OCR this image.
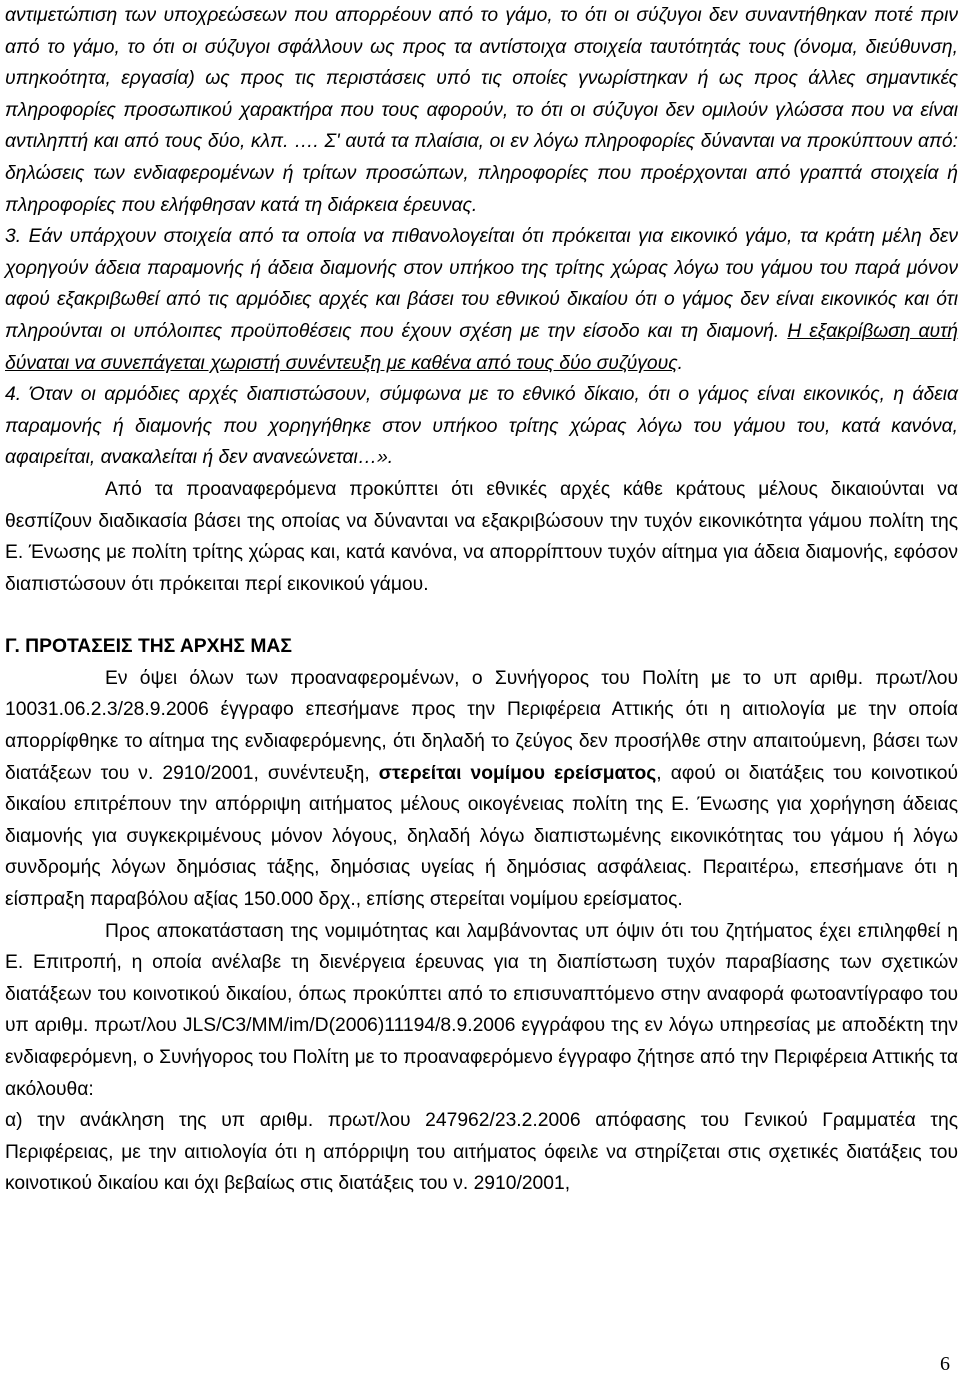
αντιμετώπιση των υποχρεώσεων που απορρέουν από το γάμο, το ότι οι σύζυγοι δεν συναντήθηκαν ποτέ πριν από το γάμο, το ότι οι σύζυγοι σφάλλουν ως προς τα αντίστοιχα στοιχεία ταυτότητάς τους (όνομα, διεύθυνση, υπηκοότητα, εργασία) ως προς τις περιστάσεις υπό τις οποίες γνωρίστηκαν ή ως προς άλλες σημαντικές πληροφορίες προσωπικού χαρακτήρα που τους αφορούν, το ότι οι σύζυγοι δεν ομιλούν γλώσσα που να είναι αντιληπτή και από τους δύο, κλπ. …. Σ' αυτά τα πλαίσια, οι εν λόγω πληροφορίες δύνανται να προκύπτουν από: δηλώσεις των ενδιαφερομένων ή τρίτων προσώπων, πληροφορίες που προέρχονται από γραπτά στοιχεία ή πληροφορίες που ελήφθησαν κατά τη διάρκεια έρευνας.

3. Εάν υπάρχουν στοιχεία από τα οποία να πιθανολογείται ότι πρόκειται για εικονικό γάμο, τα κράτη μέλη δεν χορηγούν άδεια παραμονής ή άδεια διαμονής στον υπήκοο της τρίτης χώρας λόγω του γάμου του παρά μόνον αφού εξακριβωθεί από τις αρμόδιες αρχές και βάσει του εθνικού δικαίου ότι ο γάμος δεν είναι εικονικός και ότι πληρούνται οι υπόλοιπες προϋποθέσεις που έχουν σχέση με την είσοδο και τη διαμονή. Η εξακρίβωση αυτή δύναται να συνεπάγεται χωριστή συνέντευξη με καθένα από τους δύο συζύγους.

4. Όταν οι αρμόδιες αρχές διαπιστώσουν, σύμφωνα με το εθνικό δίκαιο, ότι ο γάμος είναι εικονικός, η άδεια παραμονής ή διαμονής που χορηγήθηκε στον υπήκοο τρίτης χώρας λόγω του γάμου του, κατά κανόνα, αφαιρείται, ανακαλείται ή δεν ανανεώνεται…».

Από τα προαναφερόμενα προκύπτει ότι εθνικές αρχές κάθε κράτους μέλους δικαιούνται να θεσπίζουν διαδικασία βάσει της οποίας να δύνανται να εξακριβώσουν την τυχόν εικονικότητα γάμου πολίτη της Ε. Ένωσης με πολίτη τρίτης χώρας και, κατά κανόνα, να απορρίπτουν τυχόν αίτημα για άδεια διαμονής, εφόσον διαπιστώσουν ότι πρόκειται περί εικονικού γάμου.

Γ. ΠΡΟΤΑΣΕΙΣ ΤΗΣ ΑΡΧΗΣ ΜΑΣ

Εν όψει όλων των προαναφερομένων, ο Συνήγορος του Πολίτη με το υπ αριθμ. πρωτ/λου 10031.06.2.3/28.9.2006 έγγραφο επεσήμανε προς την Περιφέρεια Αττικής ότι η αιτιολογία με την οποία απορρίφθηκε το αίτημα της ενδιαφερόμενης, ότι δηλαδή το ζεύγος δεν προσήλθε στην απαιτούμενη, βάσει των διατάξεων του ν. 2910/2001, συνέντευξη, στερείται νομίμου ερείσματος, αφού οι διατάξεις του κοινοτικού δικαίου επιτρέπουν την απόρριψη αιτήματος μέλους οικογένειας πολίτη της Ε. Ένωσης για χορήγηση άδειας διαμονής για συγκεκριμένους μόνον λόγους, δηλαδή λόγω διαπιστωμένης εικονικότητας του γάμου ή λόγω συνδρομής λόγων δημόσιας τάξης, δημόσιας υγείας ή δημόσιας ασφάλειας. Περαιτέρω, επεσήμανε ότι η είσπραξη παραβόλου αξίας 150.000 δρχ., επίσης στερείται νομίμου ερείσματος.

Προς αποκατάσταση της νομιμότητας και λαμβάνοντας υπ όψιν ότι του ζητήματος έχει επιληφθεί η Ε. Επιτροπή, η οποία ανέλαβε τη διενέργεια έρευνας για τη διαπίστωση τυχόν παραβίασης των σχετικών διατάξεων του κοινοτικού δικαίου, όπως προκύπτει από το επισυναπτόμενο στην αναφορά φωτοαντίγραφο του υπ αριθμ. πρωτ/λου JLS/C3/MM/im/D(2006)11194/8.9.2006 εγγράφου της εν λόγω υπηρεσίας με αποδέκτη την ενδιαφερόμενη, ο Συνήγορος του Πολίτη με το προαναφερόμενο έγγραφο ζήτησε από την Περιφέρεια Αττικής τα ακόλουθα:

α) την ανάκληση της υπ αριθμ. πρωτ/λου 247962/23.2.2006 απόφασης του Γενικού Γραμματέα της Περιφέρειας, με την αιτιολογία ότι η απόρριψη του αιτήματος όφειλε να στηρίζεται στις σχετικές διατάξεις του κοινοτικού δικαίου και όχι βεβαίως στις διατάξεις του ν. 2910/2001,

6
